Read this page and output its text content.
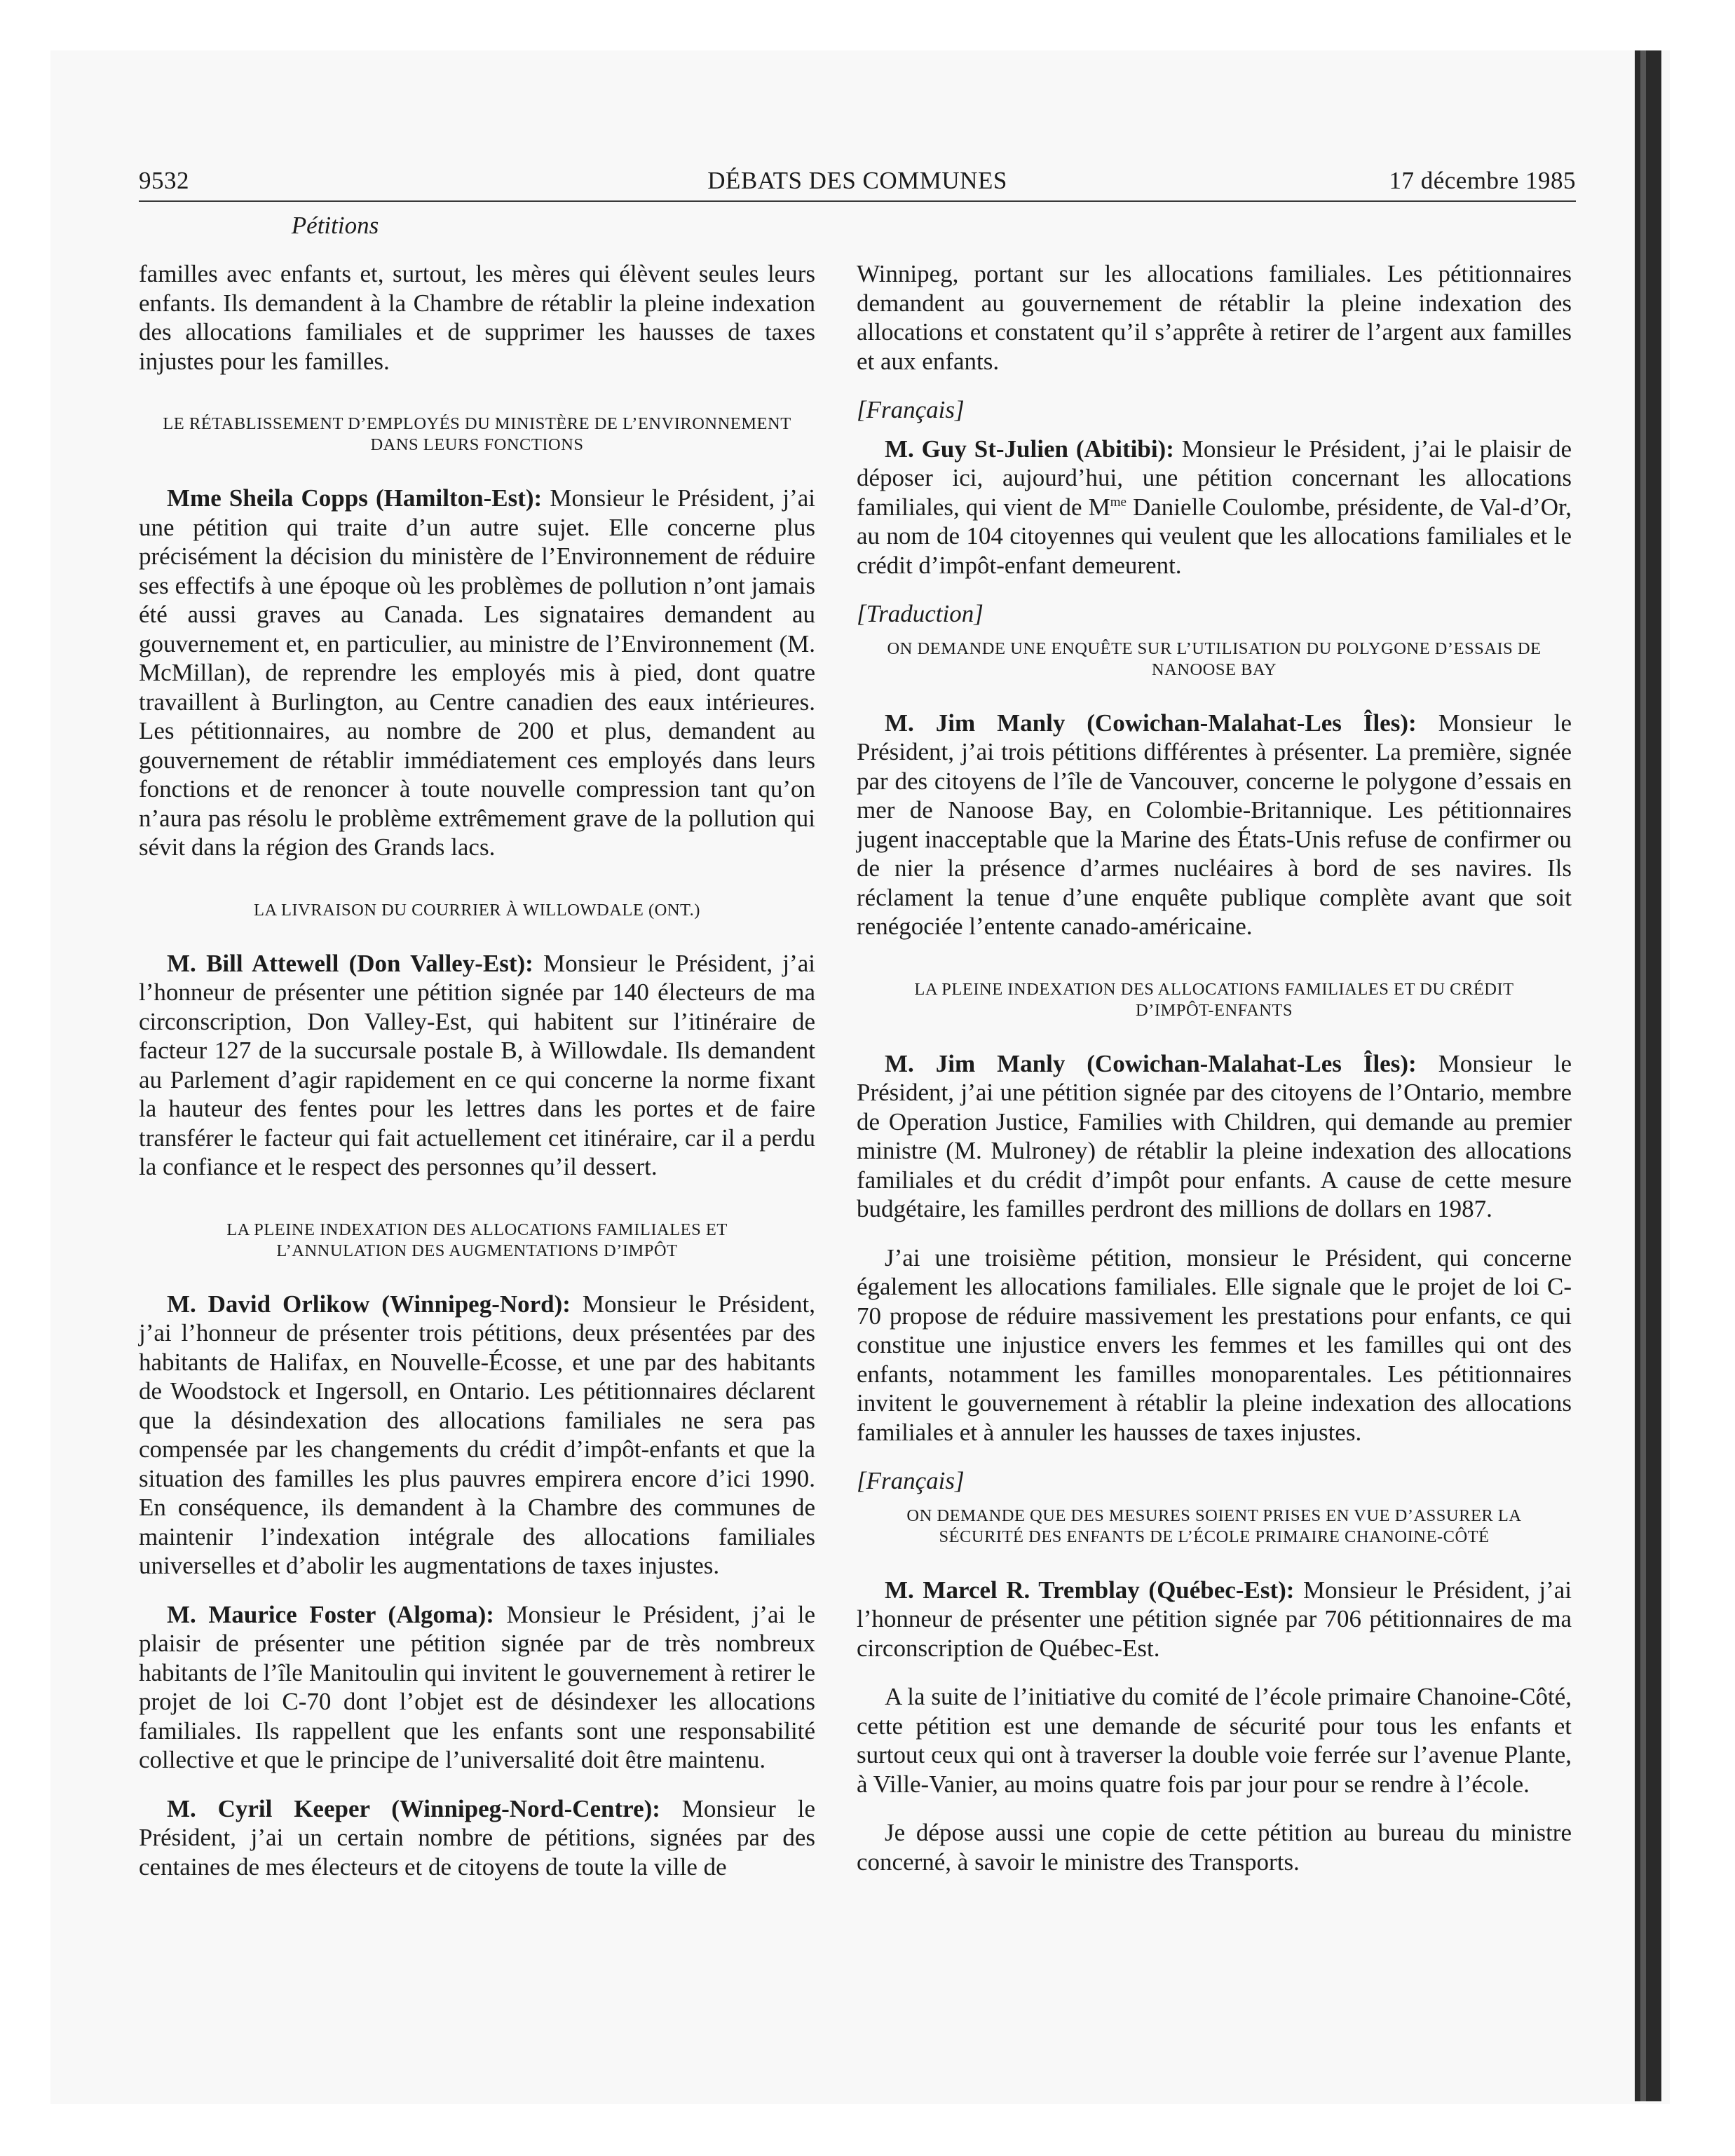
9532	DÉBATS DES COMMUNES	17 décembre 1985
Pétitions

familles avec enfants et, surtout, les mères qui élèvent seules leurs enfants. Ils demandent à la Chambre de rétablir la pleine indexation des allocations familiales et de supprimer les hausses de taxes injustes pour les familles.

LE RÉTABLISSEMENT D’EMPLOYÉS DU MINISTÈRE DE L’ENVIRONNEMENT DANS LEURS FONCTIONS

Mme Sheila Copps (Hamilton-Est): Monsieur le Président, j’ai une pétition qui traite d’un autre sujet. Elle concerne plus précisément la décision du ministère de l’Environnement de réduire ses effectifs à une époque où les problèmes de pollution n’ont jamais été aussi graves au Canada. Les signataires demandent au gouvernement et, en particulier, au ministre de l’Environnement (M. McMillan), de reprendre les employés mis à pied, dont quatre travaillent à Burlington, au Centre canadien des eaux intérieures. Les pétitionnaires, au nombre de 200 et plus, demandent au gouvernement de rétablir immédiatement ces employés dans leurs fonctions et de renoncer à toute nouvelle compression tant qu’on n’aura pas résolu le problème extrêmement grave de la pollution qui sévit dans la région des Grands lacs.

LA LIVRAISON DU COURRIER À WILLOWDALE (ONT.)

M. Bill Attewell (Don Valley-Est): Monsieur le Président, j’ai l’honneur de présenter une pétition signée par 140 électeurs de ma circonscription, Don Valley-Est, qui habitent sur l’itinéraire de facteur 127 de la succursale postale B, à Willowdale. Ils demandent au Parlement d’agir rapidement en ce qui concerne la norme fixant la hauteur des fentes pour les lettres dans les portes et de faire transférer le facteur qui fait actuellement cet itinéraire, car il a perdu la confiance et le respect des personnes qu’il dessert.

LA PLEINE INDEXATION DES ALLOCATIONS FAMILIALES ET L’ANNULATION DES AUGMENTATIONS D’IMPÔT

M. David Orlikow (Winnipeg-Nord): Monsieur le Président, j’ai l’honneur de présenter trois pétitions, deux présentées par des habitants de Halifax, en Nouvelle-Écosse, et une par des habitants de Woodstock et Ingersoll, en Ontario. Les pétitionnaires déclarent que la désindexation des allocations familiales ne sera pas compensée par les changements du crédit d’impôt-enfants et que la situation des familles les plus pauvres empirera encore d’ici 1990. En conséquence, ils demandent à la Chambre des communes de maintenir l’indexation intégrale des allocations familiales universelles et d’abolir les augmentations de taxes injustes.

M. Maurice Foster (Algoma): Monsieur le Président, j’ai le plaisir de présenter une pétition signée par de très nombreux habitants de l’île Manitoulin qui invitent le gouvernement à retirer le projet de loi C-70 dont l’objet est de désindexer les allocations familiales. Ils rappellent que les enfants sont une responsabilité collective et que le principe de l’universalité doit être maintenu.

M. Cyril Keeper (Winnipeg-Nord-Centre): Monsieur le Président, j’ai un certain nombre de pétitions, signées par des centaines de mes électeurs et de citoyens de toute la ville de

Winnipeg, portant sur les allocations familiales. Les pétitionnaires demandent au gouvernement de rétablir la pleine indexation des allocations et constatent qu’il s’apprête à retirer de l’argent aux familles et aux enfants.

[Français]

M. Guy St-Julien (Abitibi): Monsieur le Président, j’ai le plaisir de déposer ici, aujourd’hui, une pétition concernant les allocations familiales, qui vient de $M^{me}$ Danielle Coulombe, présidente, de Val-d’Or, au nom de 104 citoyennes qui veulent que les allocations familiales et le crédit d’impôt-enfant demeurent.

[Traduction]
ON DEMANDE UNE ENQUÊTE SUR L’UTILISATION DU POLYGONE D’ESSAIS DE NANOOSE BAY

M. Jim Manly (Cowichan-Malahat-Les Îles): Monsieur le Président, j’ai trois pétitions différentes à présenter. La première, signée par des citoyens de l’île de Vancouver, concerne le polygone d’essais en mer de Nanoose Bay, en Colombie-Britannique. Les pétitionnaires jugent inacceptable que la Marine des États-Unis refuse de confirmer ou de nier la présence d’armes nucléaires à bord de ses navires. Ils réclament la tenue d’une enquête publique complète avant que soit renégociée l’entente canado-américaine.

LA PLEINE INDEXATION DES ALLOCATIONS FAMILIALES ET DU CRÉDIT D’IMPÔT-ENFANTS

M. Jim Manly (Cowichan-Malahat-Les Îles): Monsieur le Président, j’ai une pétition signée par des citoyens de l’Ontario, membre de Operation Justice, Families with Children, qui demande au premier ministre (M. Mulroney) de rétablir la pleine indexation des allocations familiales et du crédit d’impôt pour enfants. A cause de cette mesure budgétaire, les familles perdront des millions de dollars en 1987.

J’ai une troisième pétition, monsieur le Président, qui concerne également les allocations familiales. Elle signale que le projet de loi C-70 propose de réduire massivement les prestations pour enfants, ce qui constitue une injustice envers les femmes et les familles qui ont des enfants, notamment les familles monoparentales. Les pétitionnaires invitent le gouvernement à rétablir la pleine indexation des allocations familiales et à annuler les hausses de taxes injustes.

[Français]
ON DEMANDE QUE DES MESURES SOIENT PRISES EN VUE D’ASSURER LA SÉCURITÉ DES ENFANTS DE L’ÉCOLE PRIMAIRE CHANOINE-CÔTÉ

M. Marcel R. Tremblay (Québec-Est): Monsieur le Président, j’ai l’honneur de présenter une pétition signée par 706 pétitionnaires de ma circonscription de Québec-Est.

A la suite de l’initiative du comité de l’école primaire Chanoine-Côté, cette pétition est une demande de sécurité pour tous les enfants et surtout ceux qui ont à traverser la double voie ferrée sur l’avenue Plante, à Ville-Vanier, au moins quatre fois par jour pour se rendre à l’école.

Je dépose aussi une copie de cette pétition au bureau du ministre concerné, à savoir le ministre des Transports.
